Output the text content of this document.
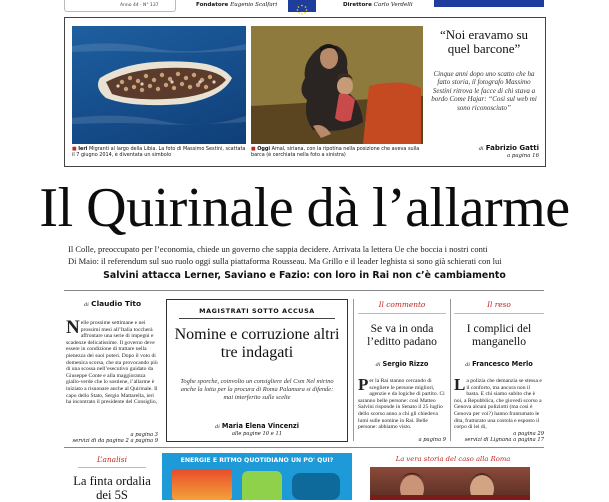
Anno 44 · N° 137	Fondatore Eugenio Scalfari	Direttore Carlo Verdelli
■ Ieri Migranti al largo della Libia. La foto di Massimo Sestini, scattata il 7 giugno 2014, è diventata un simbolo
■ Oggi Amal, siriana, con la ripotina nella posizione che aveva sulla barca (è cerchiata nella foto a sinistra)
“Noi eravamo su quel barcone”
Cinque anni dopo uno scatto che ha fatto storia, il fotografo Massimo Sestini ritrova le facce di chi stava a bordo Come Hajar: “Così sul web mi sono riconosciuto”
di Fabrizio Gatti
a pagina 16
Il Quirinale dà l’allarme
Il Colle, preoccupato per l’economia, chiede un governo che sappia decidere. Arrivata la lettera Ue che boccia i nostri conti
Di Maio: il referendum sul suo ruolo oggi sulla piattaforma Rousseau. Ma Grillo e il leader leghista si sono già schierati con lui
Salvini attacca Lerner, Saviano e Fazio: con loro in Rai non c’è cambiamento
di Claudio Tito
N elle prossime settimane e nei prossimi mesi all’Italia toccherà affrontare una serie di impegni e scadenze delicatissime. Il governo deve essere in condizione di trattare nella pienezza dei suoi poteri. Dopo il voto di domenica scorsa, che sta provocando più di una scossa nell’esecutivo guidato da Giuseppe Conte e alla maggioranza giallo-verde che lo sostiene, l’allarme è iniziato a risuonare anche al Quirinale. Il capo dello Stato, Sergio Mattarella, ieri ha incontrato il presidente del Consiglio,
a pagina 3
servizi di da pagina 2 a pagina 9
MAGISTRATI SOTTO ACCUSA
Nomine e corruzione altri tre indagati
Toghe sporche, coinvolto un consigliere del Csm Nel mirino anche la lotta per la procura di Roma Palamara si difende: mai interferito sulle scelte
di Maria Elena Vincenzi
alle pagine 10 e 11
Il commento
Se va in onda l’editto padano
di Sergio Rizzo
P er la Rai stanno cercando di scegliere le persone migliori, agenzie e da logiche di partito. Ci saranno belle persone: così Matteo Salvini risponde in Senato il 25 luglio dello scorso anno a chi gli chiedeva lumi sulle nomine in Rai. Belle persone: abbiamo visto.
a pagina 9
Il reso
I complici del manganello
di Francesco Merlo
L a polizia che demanzia se stessa e il conforto, ma ancora non il basta. E chi siamo subito che è noi, a Repubblica, che giovedì scorso a Genova alcuni poliziotti (ma cosi è Genova per voi?) hanno frantumato le dita, fratturato una costola e esposto il corpo di lei di,
a pagina 29
servizi di Lignana a pagina 17
L’analisi
La finta ordalia dei 5S
ENERGIE E RITMO QUOTIDIANO UN PO' QUI?	La vera storia del caso alla Roma
